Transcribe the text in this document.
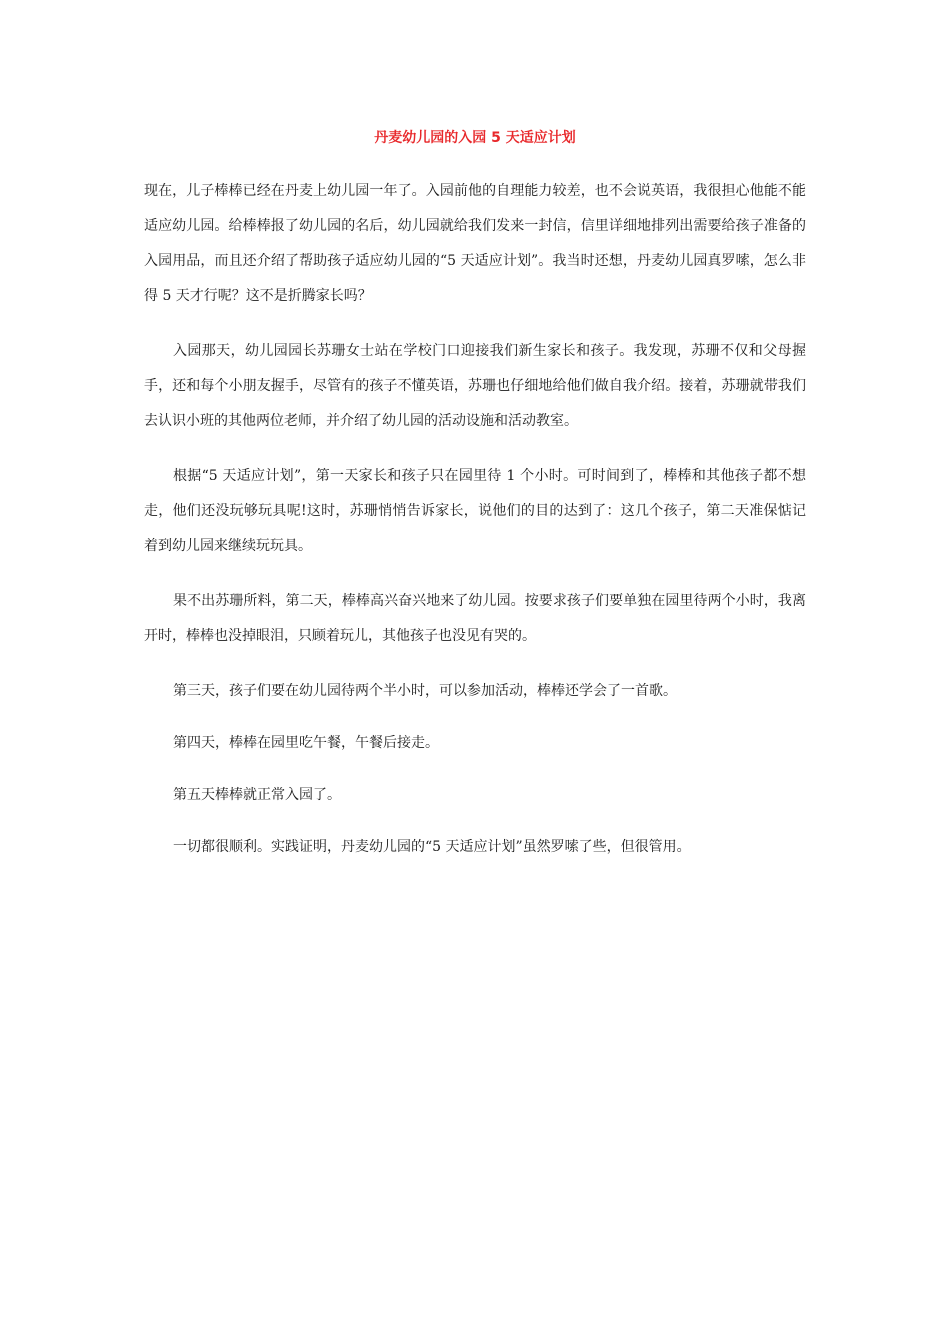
丹麦幼儿园的入园 5 天适应计划

现在，儿子棒棒已经在丹麦上幼儿园一年了。入园前他的自理能力较差，也不会说英语，我很担心他能不能适应幼儿园。给棒棒报了幼儿园的名后，幼儿园就给我们发来一封信，信里详细地排列出需要给孩子准备的入园用品，而且还介绍了帮助孩子适应幼儿园的“5 天适应计划”。我当时还想，丹麦幼儿园真罗嗦，怎么非得 5 天才行呢？这不是折腾家长吗？

入园那天，幼儿园园长苏珊女士站在学校门口迎接我们新生家长和孩子。我发现，苏珊不仅和父母握手，还和每个小朋友握手，尽管有的孩子不懂英语，苏珊也仔细地给他们做自我介绍。接着，苏珊就带我们去认识小班的其他两位老师，并介绍了幼儿园的活动设施和活动教室。

根据“5 天适应计划”，第一天家长和孩子只在园里待 1 个小时。可时间到了，棒棒和其他孩子都不想走，他们还没玩够玩具呢!这时，苏珊悄悄告诉家长，说他们的目的达到了：这几个孩子，第二天准保惦记着到幼儿园来继续玩玩具。

果不出苏珊所料，第二天，棒棒高兴奋兴地来了幼儿园。按要求孩子们要单独在园里待两个小时，我离开时，棒棒也没掉眼泪，只顾着玩儿，其他孩子也没见有哭的。

第三天，孩子们要在幼儿园待两个半小时，可以参加活动，棒棒还学会了一首歌。

第四天，棒棒在园里吃午餐，午餐后接走。

第五天棒棒就正常入园了。

一切都很顺利。实践证明，丹麦幼儿园的“5 天适应计划”虽然罗嗦了些，但很管用。
